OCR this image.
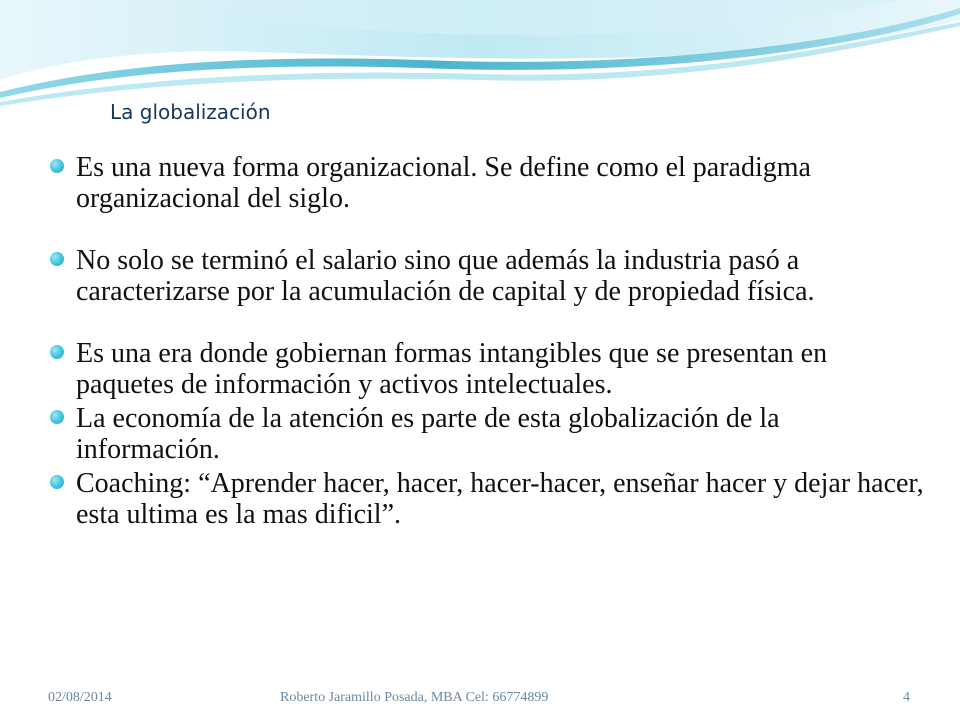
La globalización
Es una nueva forma organizacional. Se define como el paradigma organizacional del siglo.
No solo se terminó el salario sino que además la industria pasó a caracterizarse por la acumulación de capital y de propiedad física.
Es una era donde gobiernan formas intangibles que se presentan en paquetes de información y activos intelectuales.
La economía de la atención es parte de esta globalización de la información.
Coaching: “Aprender hacer, hacer, hacer-hacer, enseñar hacer y dejar hacer, esta ultima es la mas dificil”.
02/08/2014	Roberto Jaramillo Posada, MBA Cel: 66774899	4
